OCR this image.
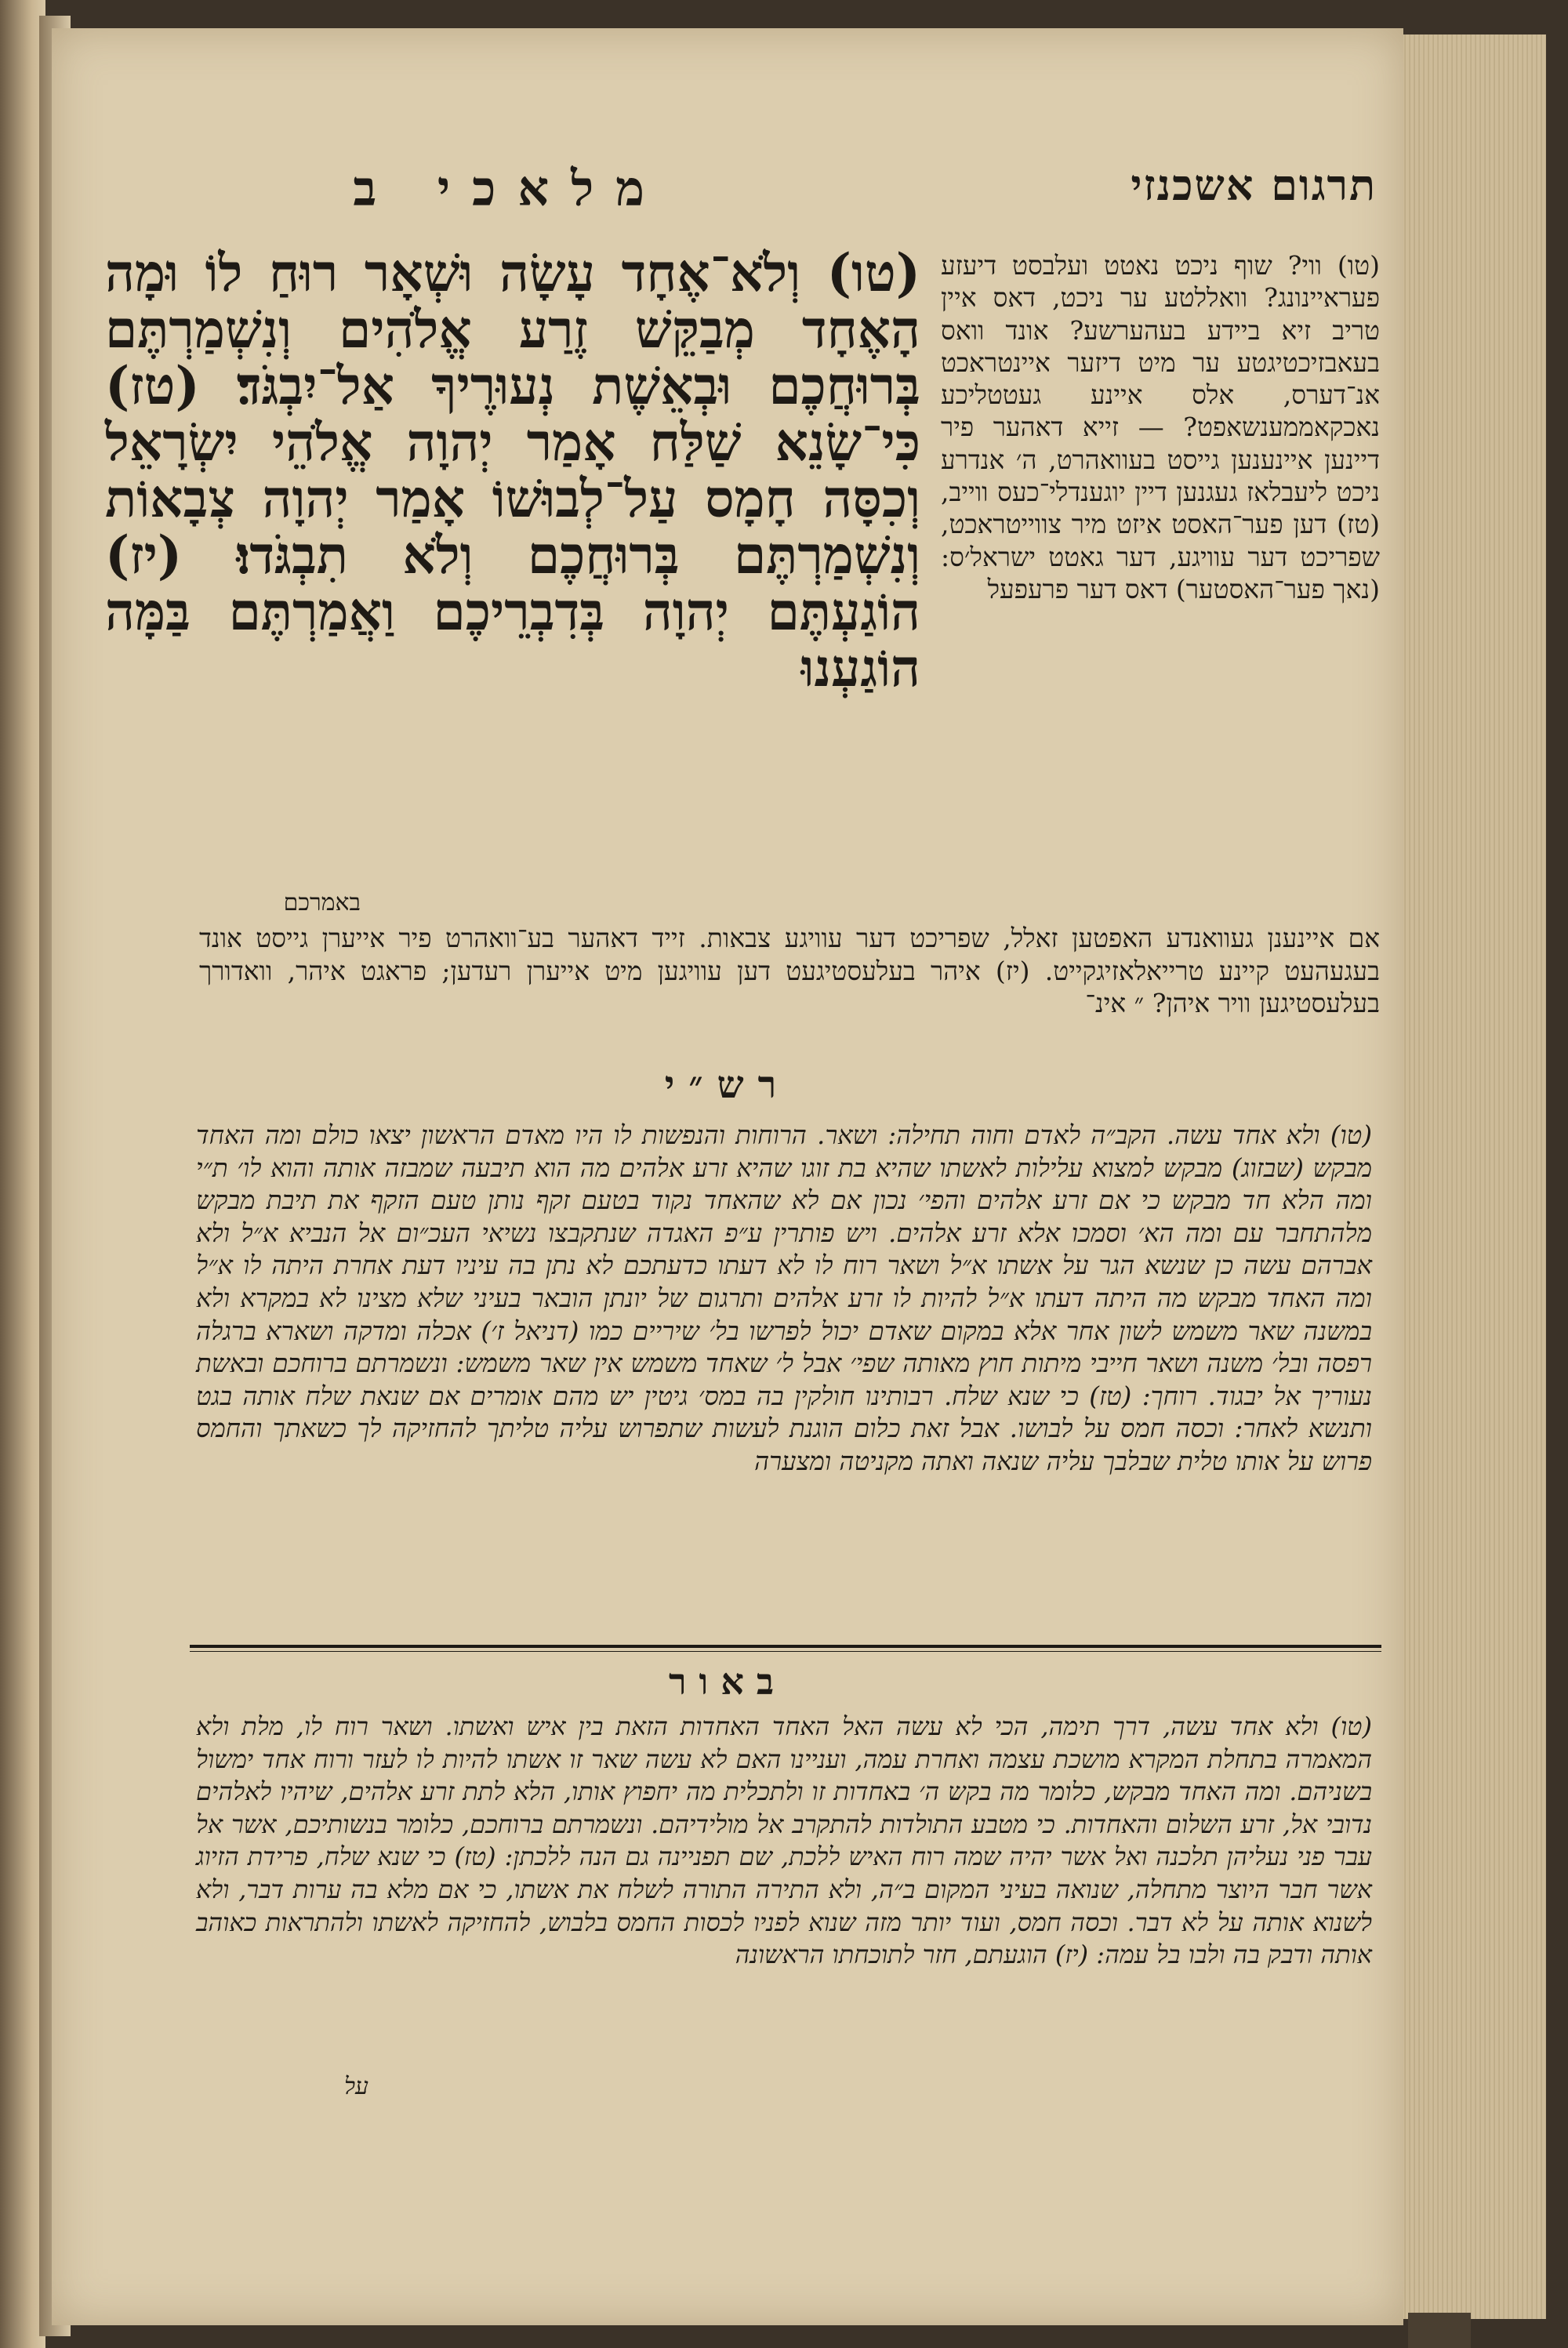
תרגום אשכנזי
מלאכי ב
(טו) ווי? שוף ניכט נאטט ועלבסט דיעזע פעראיינונג? וואללטע ער ניכט, דאס איין טריב זיא ביידע בעהערשע? אונד וואס בעאבזיכטיגטע ער מיט דיזער איינטראכט אנ־דערס, אלס איינע געטטליכע נאכקאממענשאפט? — זייא דאהער פיר דיינען איינענען גייסט בעוואהרט, ה׳ אנדרע ניכט ליעבלאז געגנען דיין יוגענדלי־כעס ווייב, (טז) דען פער־האסט איזט מיר צווייטראכט, שפריכט דער עוויגע, דער גאטט ישראל׳ס: (נאך פער־האסטער) דאס דער פרעפעל
(טו) וְלֹא־אֶחָד עָשָׂה וּשְׁאָר רוּחַ לוֹ וּמָה הָאֶחָד מְבַקֵּשׁ זֶרַע אֱלֹהִים וְנִשְׁמַרְתֶּם בְּרוּחֲכֶם וּבְאֵשֶׁת נְעוּרֶיךָ אַל־יִבְגֹּד׃ (טז) כִּי־שָׂנֵא שַׁלַּח אָמַר יְהוָה אֱלֹהֵי יִשְׂרָאֵל וְכִסָּה חָמָס עַל־לְבוּשׁוֹ אָמַר יְהוָה צְבָאוֹת וְנִשְׁמַרְתֶּם בְּרוּחֲכֶם וְלֹא תִבְגֹּדוּ׃ (יז) הוֹגַעְתֶּם יְהוָה בְּדִבְרֵיכֶם וַאֲמַרְתֶּם בַּמָּה הוֹגַעְנוּ
באמרכם
אם איינענן געוואנדע האפטען זאלל, שפריכט דער עוויגע צבאות. זייד דאהער בע־וואהרט פיר אייערן גייסט אונד בעגעהעט קיינע טרייאלאזיגקייט. (יז) איהר בעלעסטיגעט דען עוויגען מיט אייערן רעדען; פראגט איהר, וואדורך בעלעסטיגען וויר איהן? ״ אינ־
רש״י
(טו) ולא אחד עשה. הקב״ה לאדם וחוה תחילה: ושאר. הרוחות והנפשות לו היו מאדם הראשון יצאו כולם ומה האחד מבקש (שבזוג) מבקש למצוא עלילות לאשתו שהיא בת זוגו שהיא זרע אלהים מה הוא תיבעה שמבזה אותה והוא לו׳ ת״י ומה הלא חד מבקש כי אם זרע אלהים והפי׳ נכון אם לא שהאחד נקוד בטעם זקף נותן טעם הזקף את תיבת מבקש מלהתחבר עם ומה הא׳ וסמכו אלא זרע אלהים. ויש פותרין ע״פ האגדה שנתקבצו נשיאי העכ״ום אל הנביא א״ל ולא אברהם עשה כן שנשא הגר על אשתו א״ל ושאר רוח לו לא דעתו כדעתכם לא נתן בה עיניו דעת אחרת היתה לו א״ל ומה האחד מבקש מה היתה דעתו א״ל להיות לו זרע אלהים ותרגום של יונתן הובאר בעיני שלא מצינו לא במקרא ולא במשנה שאר משמש לשון אחר אלא במקום שאדם יכול לפרשו בל׳ שיריים כמו (דניאל ז׳) אכלה ומדקה ושארא ברגלה רפסה ובל׳ משנה ושאר חייבי מיתות חוץ מאותה שפי׳ אבל ל׳ שאחד משמש אין שאר משמש: ונשמרתם ברוחכם ובאשת נעוריך אל יבגוד. רוחך: (טז) כי שנא שלח. רבותינו חולקין בה במס׳ גיטין יש מהם אומרים אם שנאת שלח אותה בגט ותנשא לאחר: וכסה חמס על לבושו. אבל זאת כלום הוגנת לעשות שתפרוש עליה טליתך להחזיקה לך כשאתך והחמס פרוש על אותו טלית שבלבך עליה שנאה ואתה מקניטה ומצערה
באור
(טו) ולא אחד עשה, דרך תימה, הכי לא עשה האל האחד האחדות הזאת בין איש ואשתו. ושאר רוח לו, מלת ולא המאמרה בתחלת המקרא מושכת עצמה ואחרת עמה, ועניינו האם לא עשה שאר זו אשתו להיות לו לעזר ורוח אחד ימשול בשניהם. ומה האחד מבקש, כלומר מה בקש ה׳ באחדות זו ולתכלית מה יחפוץ אותו, הלא לתת זרע אלהים, שיהיו לאלהים נדובי אל, זרע השלום והאחדות. כי מטבע התולדות להתקרב אל מולידיהם. ונשמרתם ברוחכם, כלומר בנשותיכם, אשר אל עבר פני נעליהן תלכנה ואל אשר יהיה שמה רוח האיש ללכת, שם תפניינה גם הנה ללכתן: (טז) כי שנא שלח, פרידת הזיוג אשר חבר היוצר מתחלה, שנואה בעיני המקום ב״ה, ולא התירה התורה לשלח את אשתו, כי אם מלא בה ערות דבר, ולא לשנוא אותה על לא דבר. וכסה חמס, ועוד יותר מזה שנוא לפניו לכסות החמס בלבוש, להחזיקה לאשתו ולהתראות כאוהב אותה ודבק בה ולבו בל עמה: (יז) הוגעתם, חזר לתוכחתו הראשונה
על
